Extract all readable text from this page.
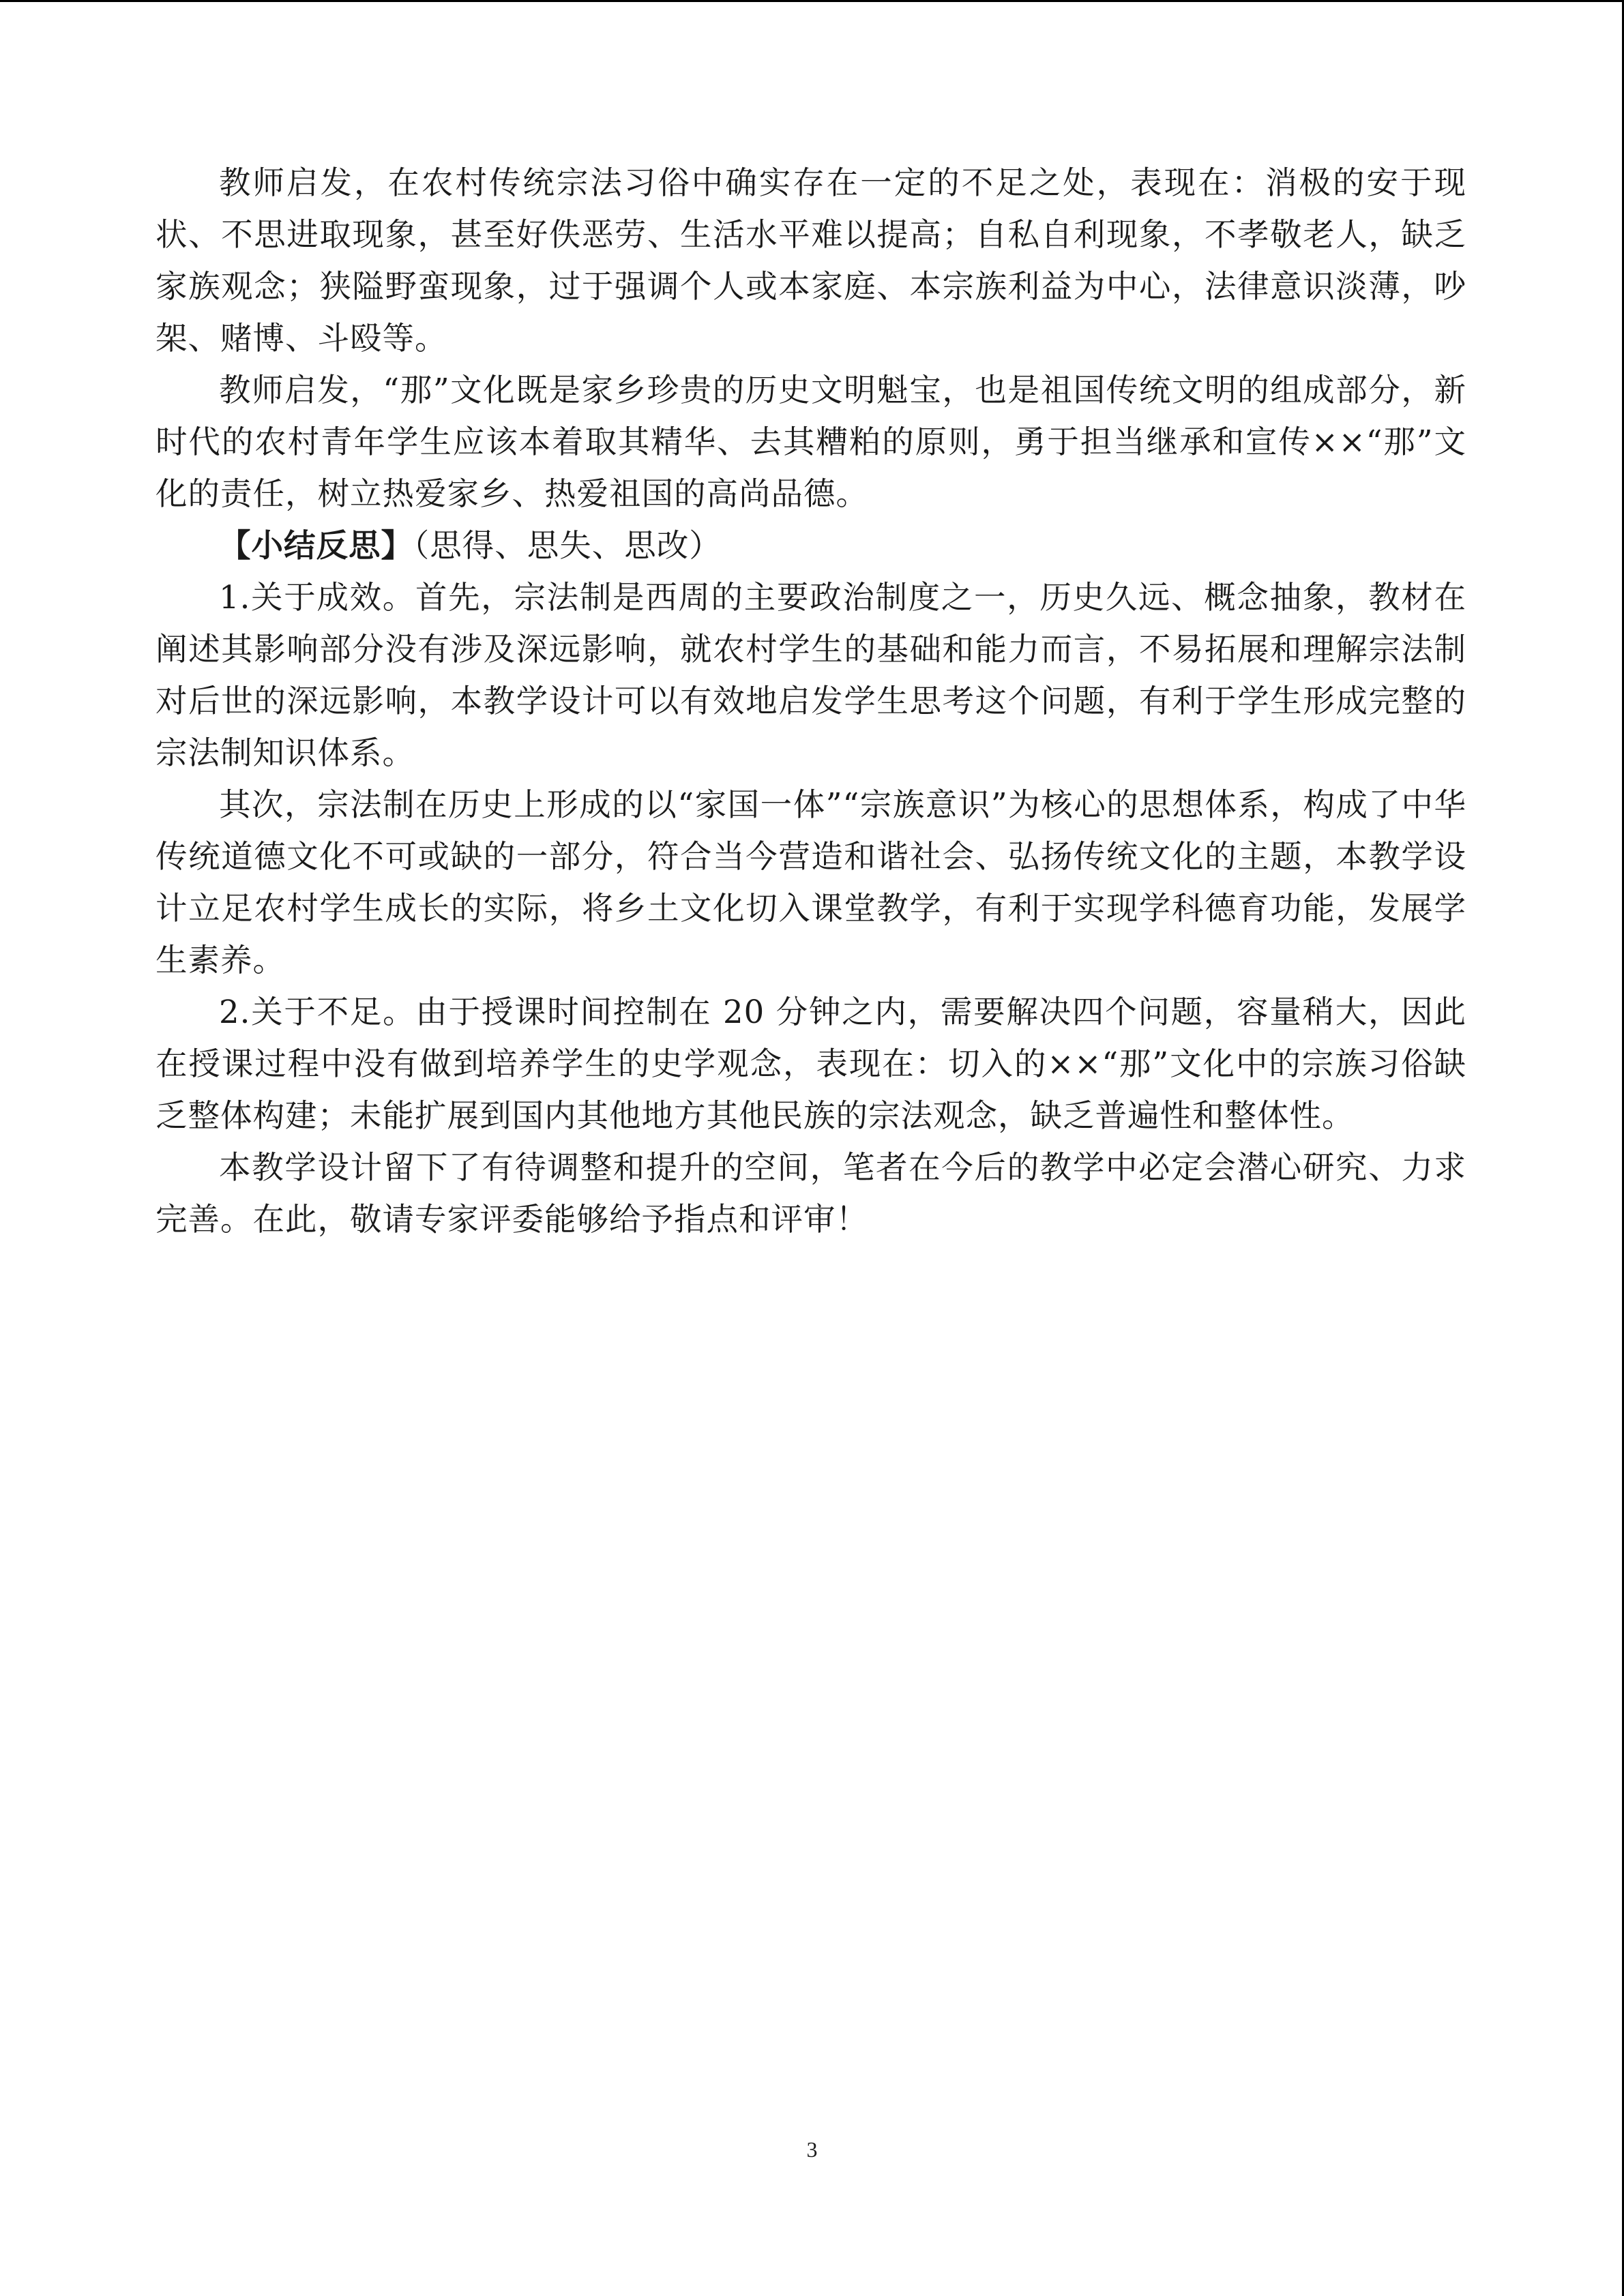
教师启发，在农村传统宗法习俗中确实存在一定的不足之处，表现在：消极的安于现状、不思进取现象，甚至好佚恶劳、生活水平难以提高；自私自利现象，不孝敬老人，缺乏家族观念；狭隘野蛮现象，过于强调个人或本家庭、本宗族利益为中心，法律意识淡薄，吵架、赌博、斗殴等。

教师启发，“那”文化既是家乡珍贵的历史文明魁宝，也是祖国传统文明的组成部分，新时代的农村青年学生应该本着取其精华、去其糟粕的原则，勇于担当继承和宣传××“那”文化的责任，树立热爱家乡、热爱祖国的高尚品德。

【小结反思】（思得、思失、思改）

1.关于成效。首先，宗法制是西周的主要政治制度之一，历史久远、概念抽象，教材在阐述其影响部分没有涉及深远影响，就农村学生的基础和能力而言，不易拓展和理解宗法制对后世的深远影响，本教学设计可以有效地启发学生思考这个问题，有利于学生形成完整的宗法制知识体系。

其次，宗法制在历史上形成的以“家国一体”“宗族意识”为核心的思想体系，构成了中华传统道德文化不可或缺的一部分，符合当今营造和谐社会、弘扬传统文化的主题，本教学设计立足农村学生成长的实际，将乡土文化切入课堂教学，有利于实现学科德育功能，发展学生素养。

2.关于不足。由于授课时间控制在 20 分钟之内，需要解决四个问题，容量稍大，因此在授课过程中没有做到培养学生的史学观念，表现在：切入的××“那”文化中的宗族习俗缺乏整体构建；未能扩展到国内其他地方其他民族的宗法观念，缺乏普遍性和整体性。

本教学设计留下了有待调整和提升的空间，笔者在今后的教学中必定会潜心研究、力求完善。在此，敬请专家评委能够给予指点和评审！

3
